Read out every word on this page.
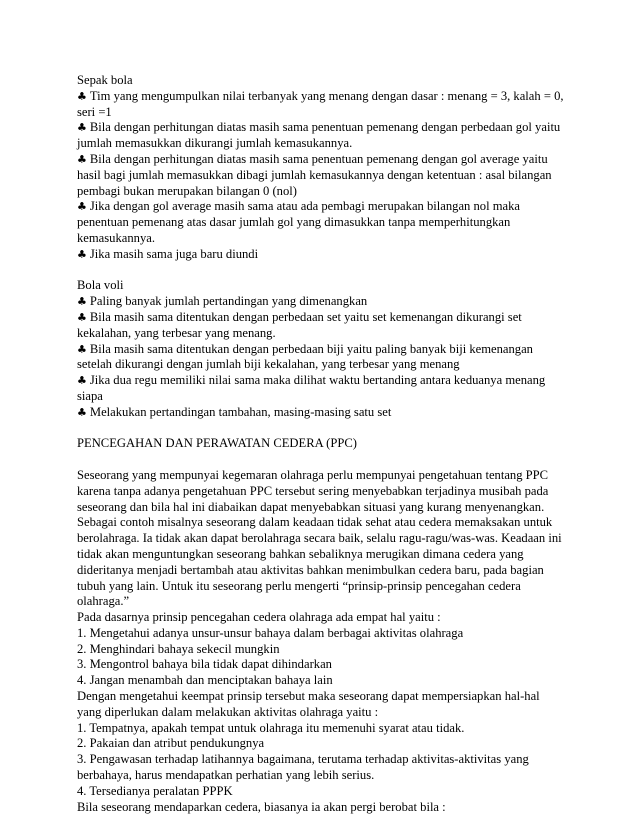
Sepak bola

♣ Tim yang mengumpulkan nilai terbanyak yang menang dengan dasar : menang = 3, kalah = 0, seri =1

♣ Bila dengan perhitungan diatas masih sama penentuan pemenang dengan perbedaan gol yaitu jumlah memasukkan dikurangi jumlah kemasukannya.

♣ Bila dengan perhitungan diatas masih sama penentuan pemenang dengan gol average yaitu hasil bagi jumlah memasukkan dibagi jumlah kemasukannya dengan ketentuan : asal bilangan pembagi bukan merupakan bilangan 0 (nol)

♣ Jika dengan gol average masih sama atau ada pembagi merupakan bilangan nol maka penentuan pemenang atas dasar jumlah gol yang dimasukkan tanpa memperhitungkan kemasukannya.

♣ Jika masih sama juga baru diundi

Bola voli

♣ Paling banyak jumlah pertandingan yang dimenangkan

♣ Bila masih sama ditentukan dengan perbedaan set yaitu set kemenangan dikurangi set kekalahan, yang terbesar yang menang.

♣ Bila masih sama ditentukan dengan perbedaan biji yaitu paling banyak biji kemenangan setelah dikurangi dengan jumlah biji kekalahan, yang terbesar yang menang

♣ Jika dua regu memiliki nilai sama maka dilihat waktu bertanding antara keduanya menang siapa

♣ Melakukan pertandingan tambahan, masing-masing satu set

PENCEGAHAN DAN PERAWATAN CEDERA (PPC)

Seseorang yang mempunyai kegemaran olahraga perlu mempunyai pengetahuan tentang PPC karena tanpa adanya pengetahuan PPC tersebut sering menyebabkan terjadinya musibah pada seseorang dan bila hal ini diabaikan dapat menyebabkan situasi yang kurang menyenangkan. Sebagai contoh misalnya seseorang dalam keadaan tidak sehat atau cedera memaksakan untuk berolahraga. Ia tidak akan dapat berolahraga secara baik, selalu ragu-ragu/was-was. Keadaan ini tidak akan menguntungkan seseorang bahkan sebaliknya merugikan dimana cedera yang dideritanya menjadi bertambah atau aktivitas bahkan menimbulkan cedera baru, pada bagian tubuh yang lain. Untuk itu seseorang perlu mengerti “prinsip-prinsip pencegahan cedera olahraga.”

Pada dasarnya prinsip pencegahan cedera olahraga ada empat hal yaitu :

1. Mengetahui adanya unsur-unsur bahaya dalam berbagai aktivitas olahraga

2. Menghindari bahaya sekecil mungkin

3. Mengontrol bahaya bila tidak dapat dihindarkan

4. Jangan menambah dan menciptakan bahaya lain

Dengan mengetahui keempat prinsip tersebut maka seseorang dapat mempersiapkan hal-hal yang diperlukan dalam melakukan aktivitas olahraga yaitu :

1. Tempatnya, apakah tempat untuk olahraga itu memenuhi syarat atau tidak.

2. Pakaian dan atribut pendukungnya

3. Pengawasan terhadap latihannya bagaimana, terutama terhadap aktivitas-aktivitas yang berbahaya, harus mendapatkan perhatian yang lebih serius.

4. Tersedianya peralatan PPPK

Bila seseorang mendaparkan cedera, biasanya ia akan pergi berobat bila :
